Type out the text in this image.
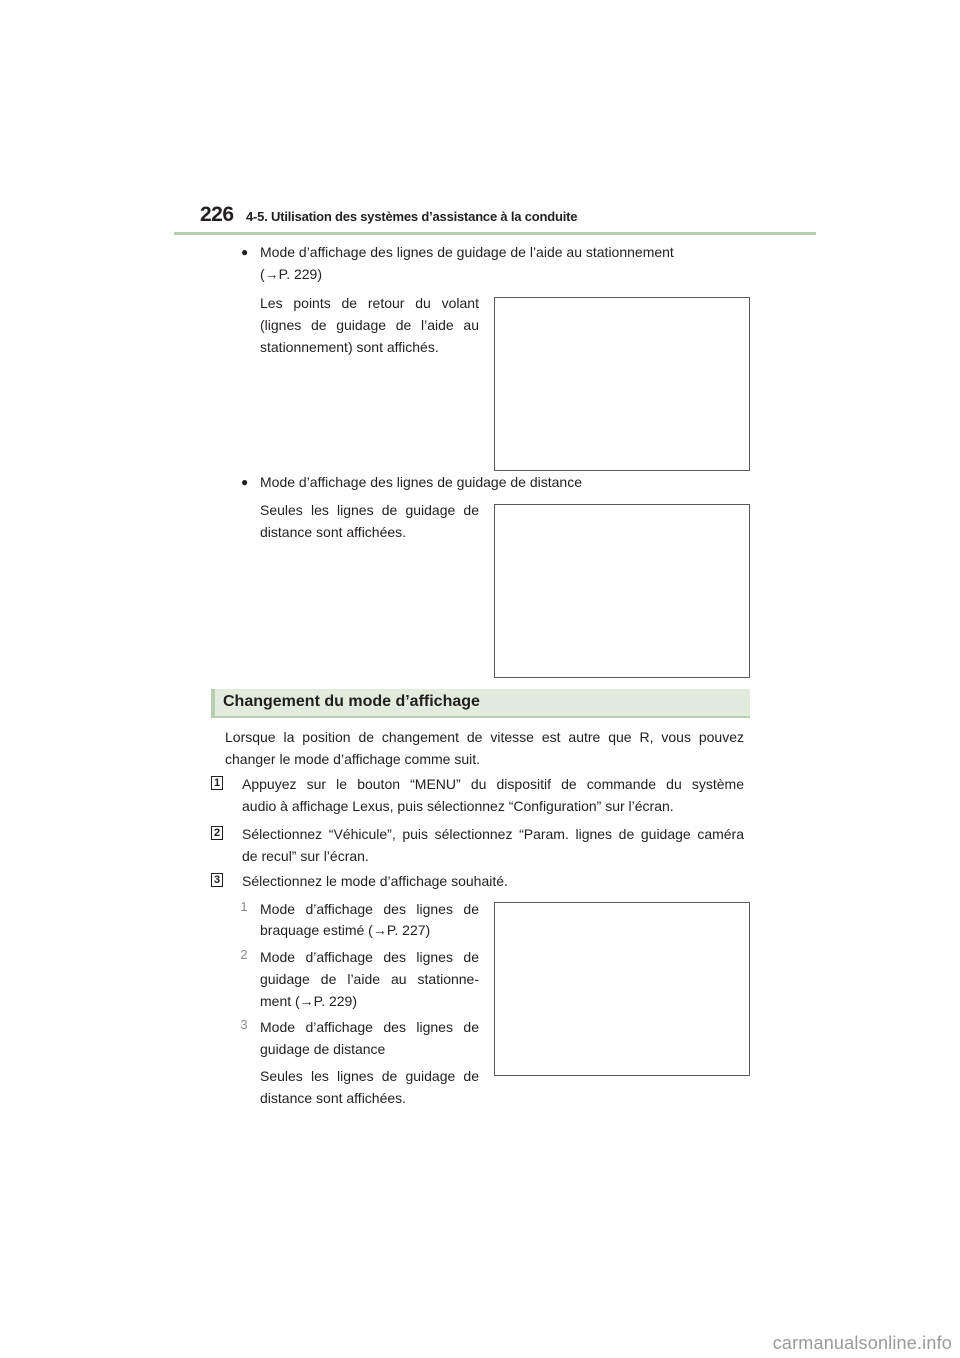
226 4-5. Utilisation des systèmes d’assistance à la conduite
● Mode d’affichage des lignes de guidage de l’aide au stationnement
(→P. 229)
Les points de retour du volant
(lignes de guidage de l’aide au
stationnement) sont affichés.
● Mode d’affichage des lignes de guidage de distance
Seules les lignes de guidage de
distance sont affichées.
Changement du mode d’affichage
Lorsque la position de changement de vitesse est autre que R, vous pouvez
changer le mode d’affichage comme suit.
1 Appuyez sur le bouton “MENU” du dispositif de commande du système
audio à affichage Lexus, puis sélectionnez “Configuration” sur l’écran.
2 Sélectionnez “Véhicule”, puis sélectionnez “Param. lignes de guidage caméra
de recul” sur l’écran.
3 Sélectionnez le mode d’affichage souhaité.
1 Mode d’affichage des lignes de
braquage estimé (→P. 227)
2 Mode d’affichage des lignes de
guidage de l’aide au stationne-
ment (→P. 229)
3 Mode d’affichage des lignes de
guidage de distance
Seules les lignes de guidage de
distance sont affichées.
carmanualsonline.info
